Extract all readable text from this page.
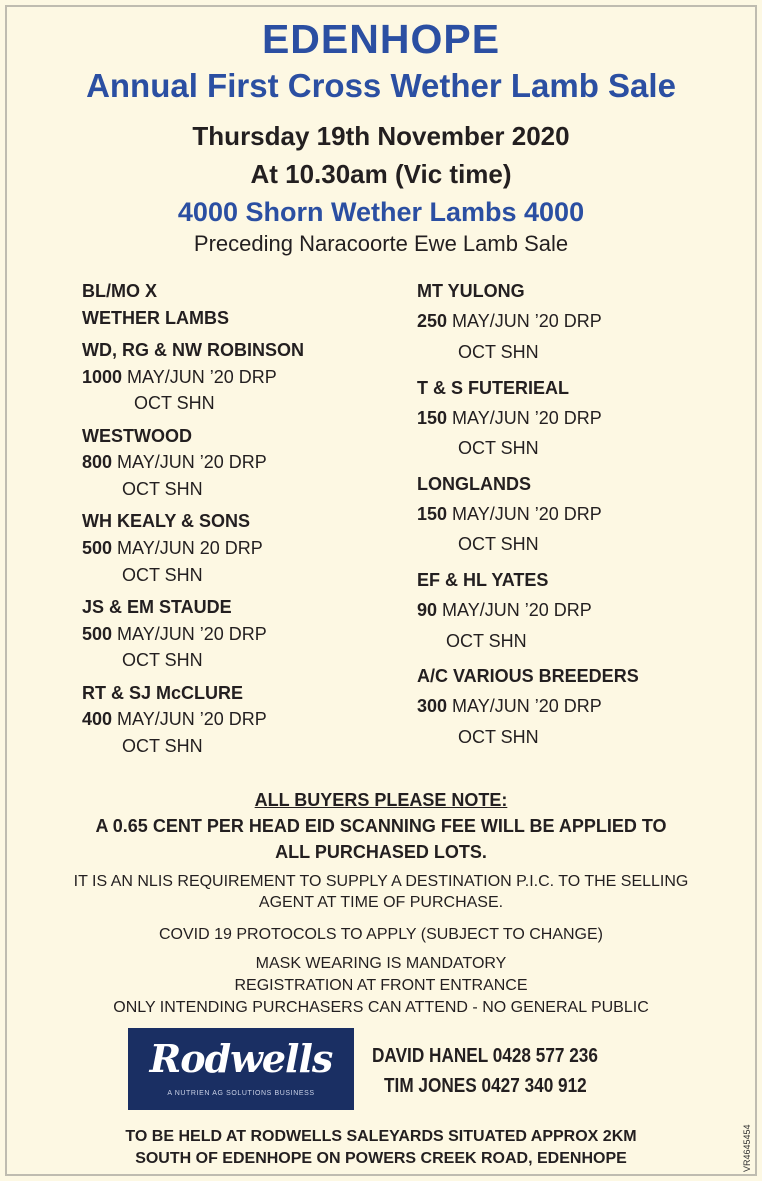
EDENHOPE
Annual First Cross Wether Lamb Sale
Thursday 19th November 2020
At 10.30am (Vic time)
4000 Shorn Wether Lambs 4000
Preceding Naracoorte Ewe Lamb Sale
BL/MO X
WETHER LAMBS
WD, RG & NW ROBINSON
1000 MAY/JUN ’20 DRP
OCT SHN
WESTWOOD
800 MAY/JUN ’20 DRP
OCT SHN
WH KEALY & SONS
500 MAY/JUN 20 DRP
OCT SHN
JS & EM STAUDE
500 MAY/JUN ’20 DRP
OCT SHN
RT & SJ McCLURE
400 MAY/JUN ’20 DRP
OCT SHN
MT YULONG
250 MAY/JUN ’20 DRP
OCT SHN
T & S FUTERIEAL
150 MAY/JUN ’20 DRP
OCT SHN
LONGLANDS
150 MAY/JUN ’20 DRP
OCT SHN
EF & HL YATES
90 MAY/JUN ’20 DRP
OCT SHN
A/C VARIOUS BREEDERS
300 MAY/JUN ’20 DRP
OCT SHN
ALL BUYERS PLEASE NOTE:
A 0.65 CENT PER HEAD EID SCANNING FEE WILL BE APPLIED TO
ALL PURCHASED LOTS.
IT IS AN NLIS REQUIREMENT TO SUPPLY A DESTINATION P.I.C. TO THE SELLING
AGENT AT TIME OF PURCHASE.
COVID 19 PROTOCOLS TO APPLY (SUBJECT TO CHANGE)
MASK WEARING IS MANDATORY
REGISTRATION AT FRONT ENTRANCE
ONLY INTENDING PURCHASERS CAN ATTEND - NO GENERAL PUBLIC
Rodwells
A NUTRIEN AG SOLUTIONS BUSINESS
DAVID HANEL 0428 577 236
TIM JONES 0427 340 912
TO BE HELD AT RODWELLS SALEYARDS SITUATED APPROX 2KM
SOUTH OF EDENHOPE ON POWERS CREEK ROAD, EDENHOPE	VR4645454
